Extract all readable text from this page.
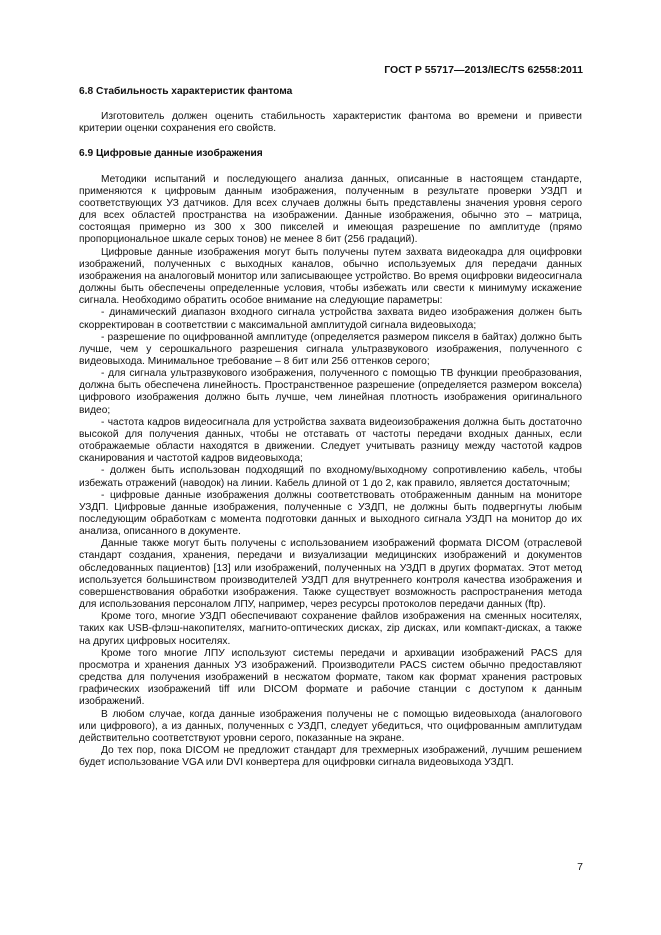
ГОСТ Р 55717—2013/IEC/TS 62558:2011
6.8 Стабильность характеристик фантома

Изготовитель должен оценить стабильность характеристик фантома во времени и привести критерии оценки сохранения его свойств.

6.9 Цифровые данные изображения

Методики испытаний и последующего анализа данных, описанные в настоящем стандарте, применяются к цифровым данным изображения, полученным в результате проверки УЗДП и соответствующих УЗ датчиков. Для всех случаев должны быть представлены значения уровня серого для всех областей пространства на изображении. Данные изображения, обычно это – матрица, состоящая примерно из 300 х 300 пикселей и имеющая разрешение по амплитуде (прямо пропорциональное шкале серых тонов) не менее 8 бит (256 градаций).

Цифровые данные изображения могут быть получены путем захвата видеокадра для оцифровки изображений, полученных с выходных каналов, обычно используемых для передачи данных изображения на аналоговый монитор или записывающее устройство. Во время оцифровки видеосигнала должны быть обеспечены определенные условия, чтобы избежать или свести к минимуму искажение сигнала. Необходимо обратить особое внимание на следующие параметры:

- динамический диапазон входного сигнала устройства захвата видео изображения должен быть скорректирован в соответствии с максимальной амплитудой сигнала видеовыхода;

- разрешение по оцифрованной амплитуде (определяется размером пикселя в байтах) должно быть лучше, чем у серошкального разрешения сигнала ультразвукового изображения, полученного с видеовыхода. Минимальное требование – 8 бит или 256 оттенков серого;

- для сигнала ультразвукового изображения, полученного с помощью ТВ функции преобразования, должна быть обеспечена линейность. Пространственное разрешение (определяется размером воксела) цифрового изображения должно быть лучше, чем линейная плотность изображения оригинального видео;

- частота кадров видеосигнала для устройства захвата видеоизображения должна быть достаточно высокой для получения данных, чтобы не отставать от частоты передачи входных данных, если отображаемые области находятся в движении. Следует учитывать разницу между частотой кадров сканирования и частотой кадров видеовыхода;

- должен быть использован подходящий по входному/выходному сопротивлению кабель, чтобы избежать отражений (наводок) на линии. Кабель длиной от 1 до 2, как правило, является достаточным;

- цифровые данные изображения должны соответствовать отображенным данным на мониторе УЗДП. Цифровые данные изображения, полученные с УЗДП, не должны быть подвергнуты любым последующим обработкам с момента подготовки данных и выходного сигнала УЗДП на монитор до их анализа, описанного в документе.

Данные также могут быть получены с использованием изображений формата DICOM (отраслевой стандарт создания, хранения, передачи и визуализации медицинских изображений и документов обследованных пациентов) [13] или изображений, полученных на УЗДП в других форматах. Этот метод используется большинством производителей УЗДП для внутреннего контроля качества изображения и совершенствования обработки изображения. Также существует возможность распространения метода для использования персоналом ЛПУ, например, через ресурсы протоколов передачи данных (ftp).

Кроме того, многие УЗДП обеспечивают сохранение файлов изображения на сменных носителях, таких как USB-флэш-накопителях, магнито-оптических дисках, zip дисках, или компакт-дисках, а также на других цифровых носителях.

Кроме того многие ЛПУ используют системы передачи и архивации изображений PACS для просмотра и хранения данных УЗ изображений. Производители PACS систем обычно предоставляют средства для получения изображений в несжатом формате, таком как формат хранения растровых графических изображений tiff или DICOM формате и рабочие станции с доступом к данным изображений.

В любом случае, когда данные изображения получены не с помощью видеовыхода (аналогового или цифрового), а из данных, полученных с УЗДП, следует убедиться, что оцифрованным амплитудам действительно соответствуют уровни серого, показанные на экране.

До тех пор, пока DICOM не предложит стандарт для трехмерных изображений, лучшим решением будет использование VGA или DVI конвертера для оцифровки сигнала видеовыхода УЗДП.

7
